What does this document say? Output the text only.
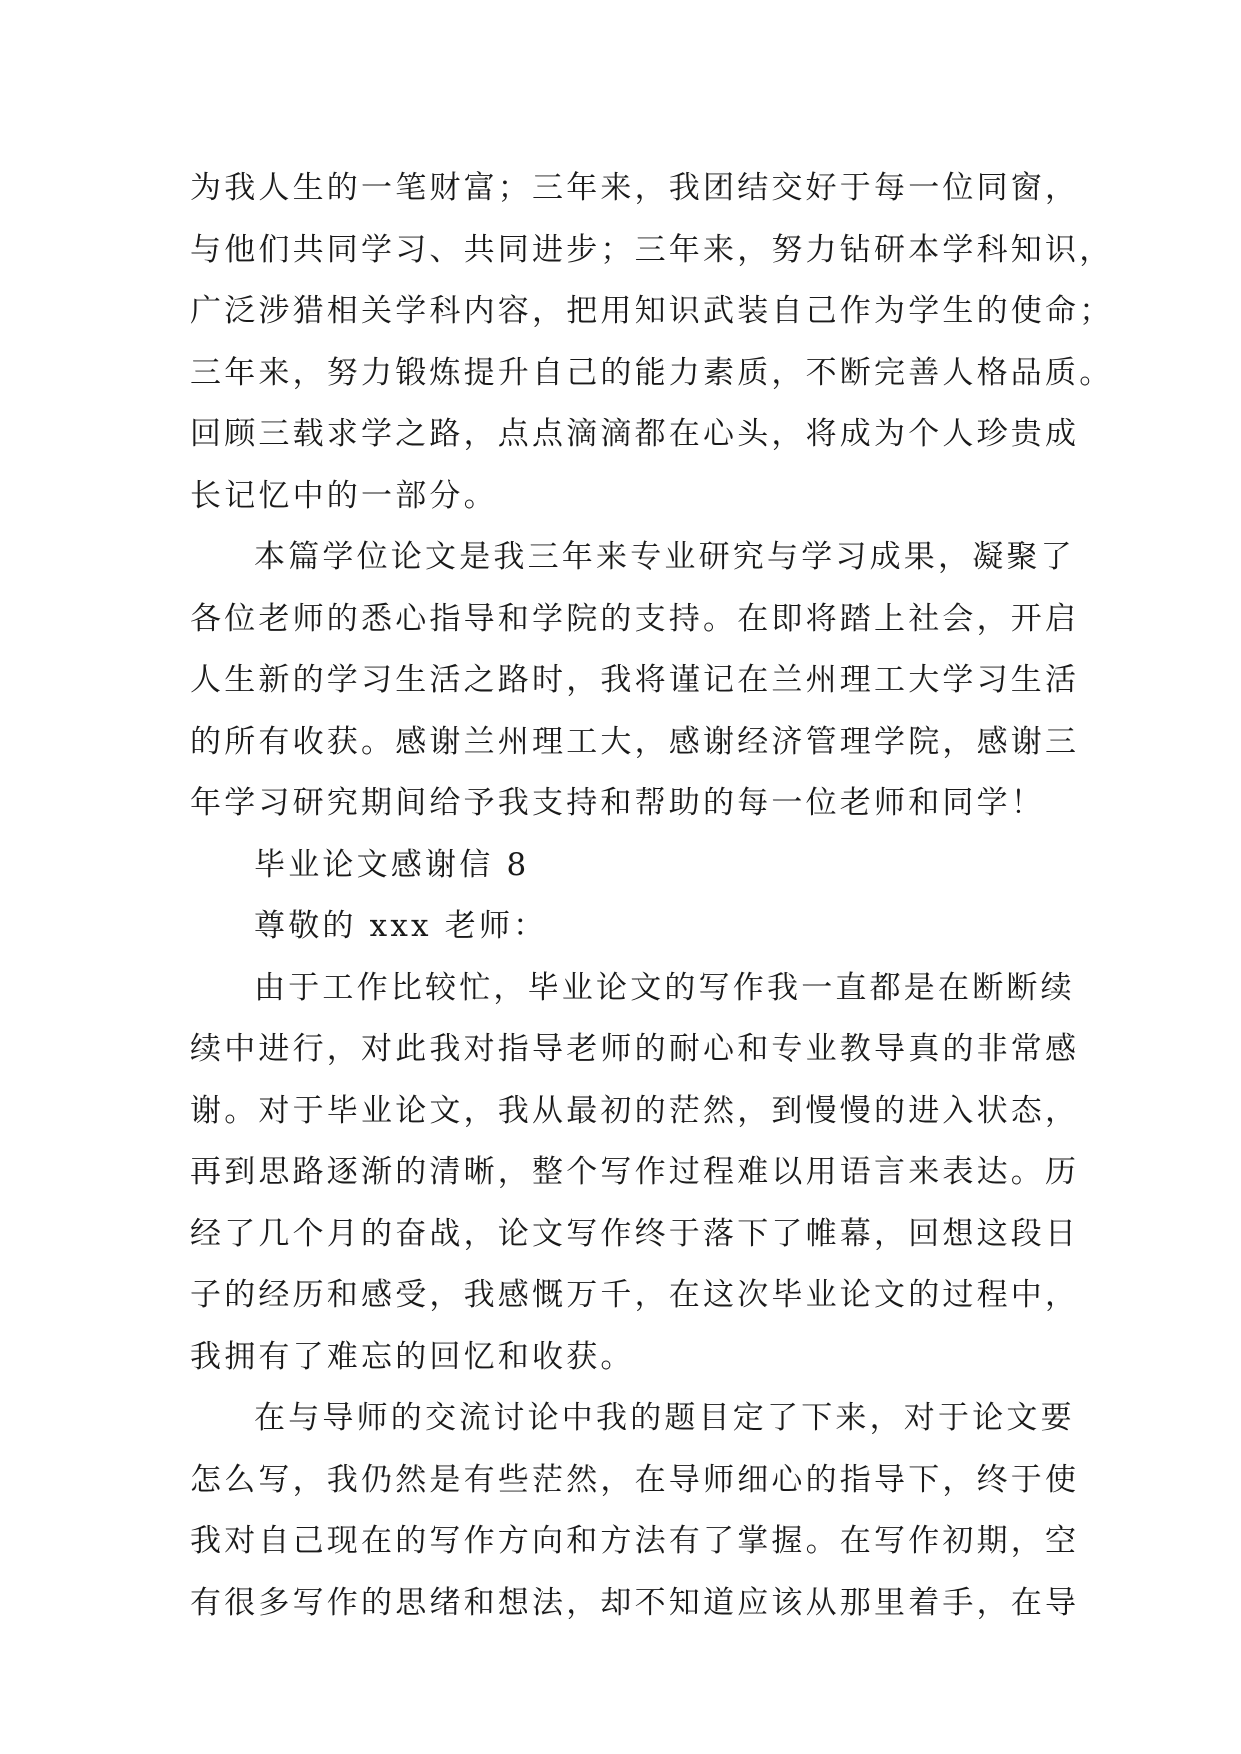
为我人生的一笔财富；三年来，我团结交好于每一位同窗，
与他们共同学习、共同进步；三年来，努力钻研本学科知识，
广泛涉猎相关学科内容，把用知识武装自己作为学生的使命；
三年来，努力锻炼提升自己的能力素质，不断完善人格品质。
回顾三载求学之路，点点滴滴都在心头，将成为个人珍贵成
长记忆中的一部分。
本篇学位论文是我三年来专业研究与学习成果，凝聚了
各位老师的悉心指导和学院的支持。在即将踏上社会，开启
人生新的学习生活之路时，我将谨记在兰州理工大学习生活
的所有收获。感谢兰州理工大，感谢经济管理学院，感谢三
年学习研究期间给予我支持和帮助的每一位老师和同学！
毕业论文感谢信 8
尊敬的 xxx 老师：
由于工作比较忙，毕业论文的写作我一直都是在断断续
续中进行，对此我对指导老师的耐心和专业教导真的非常感
谢。对于毕业论文，我从最初的茫然，到慢慢的进入状态，
再到思路逐渐的清晰，整个写作过程难以用语言来表达。历
经了几个月的奋战，论文写作终于落下了帷幕，回想这段日
子的经历和感受，我感慨万千，在这次毕业论文的过程中，
我拥有了难忘的回忆和收获。
在与导师的交流讨论中我的题目定了下来，对于论文要
怎么写，我仍然是有些茫然，在导师细心的指导下，终于使
我对自己现在的写作方向和方法有了掌握。在写作初期，空
有很多写作的思绪和想法，却不知道应该从那里着手，在导
